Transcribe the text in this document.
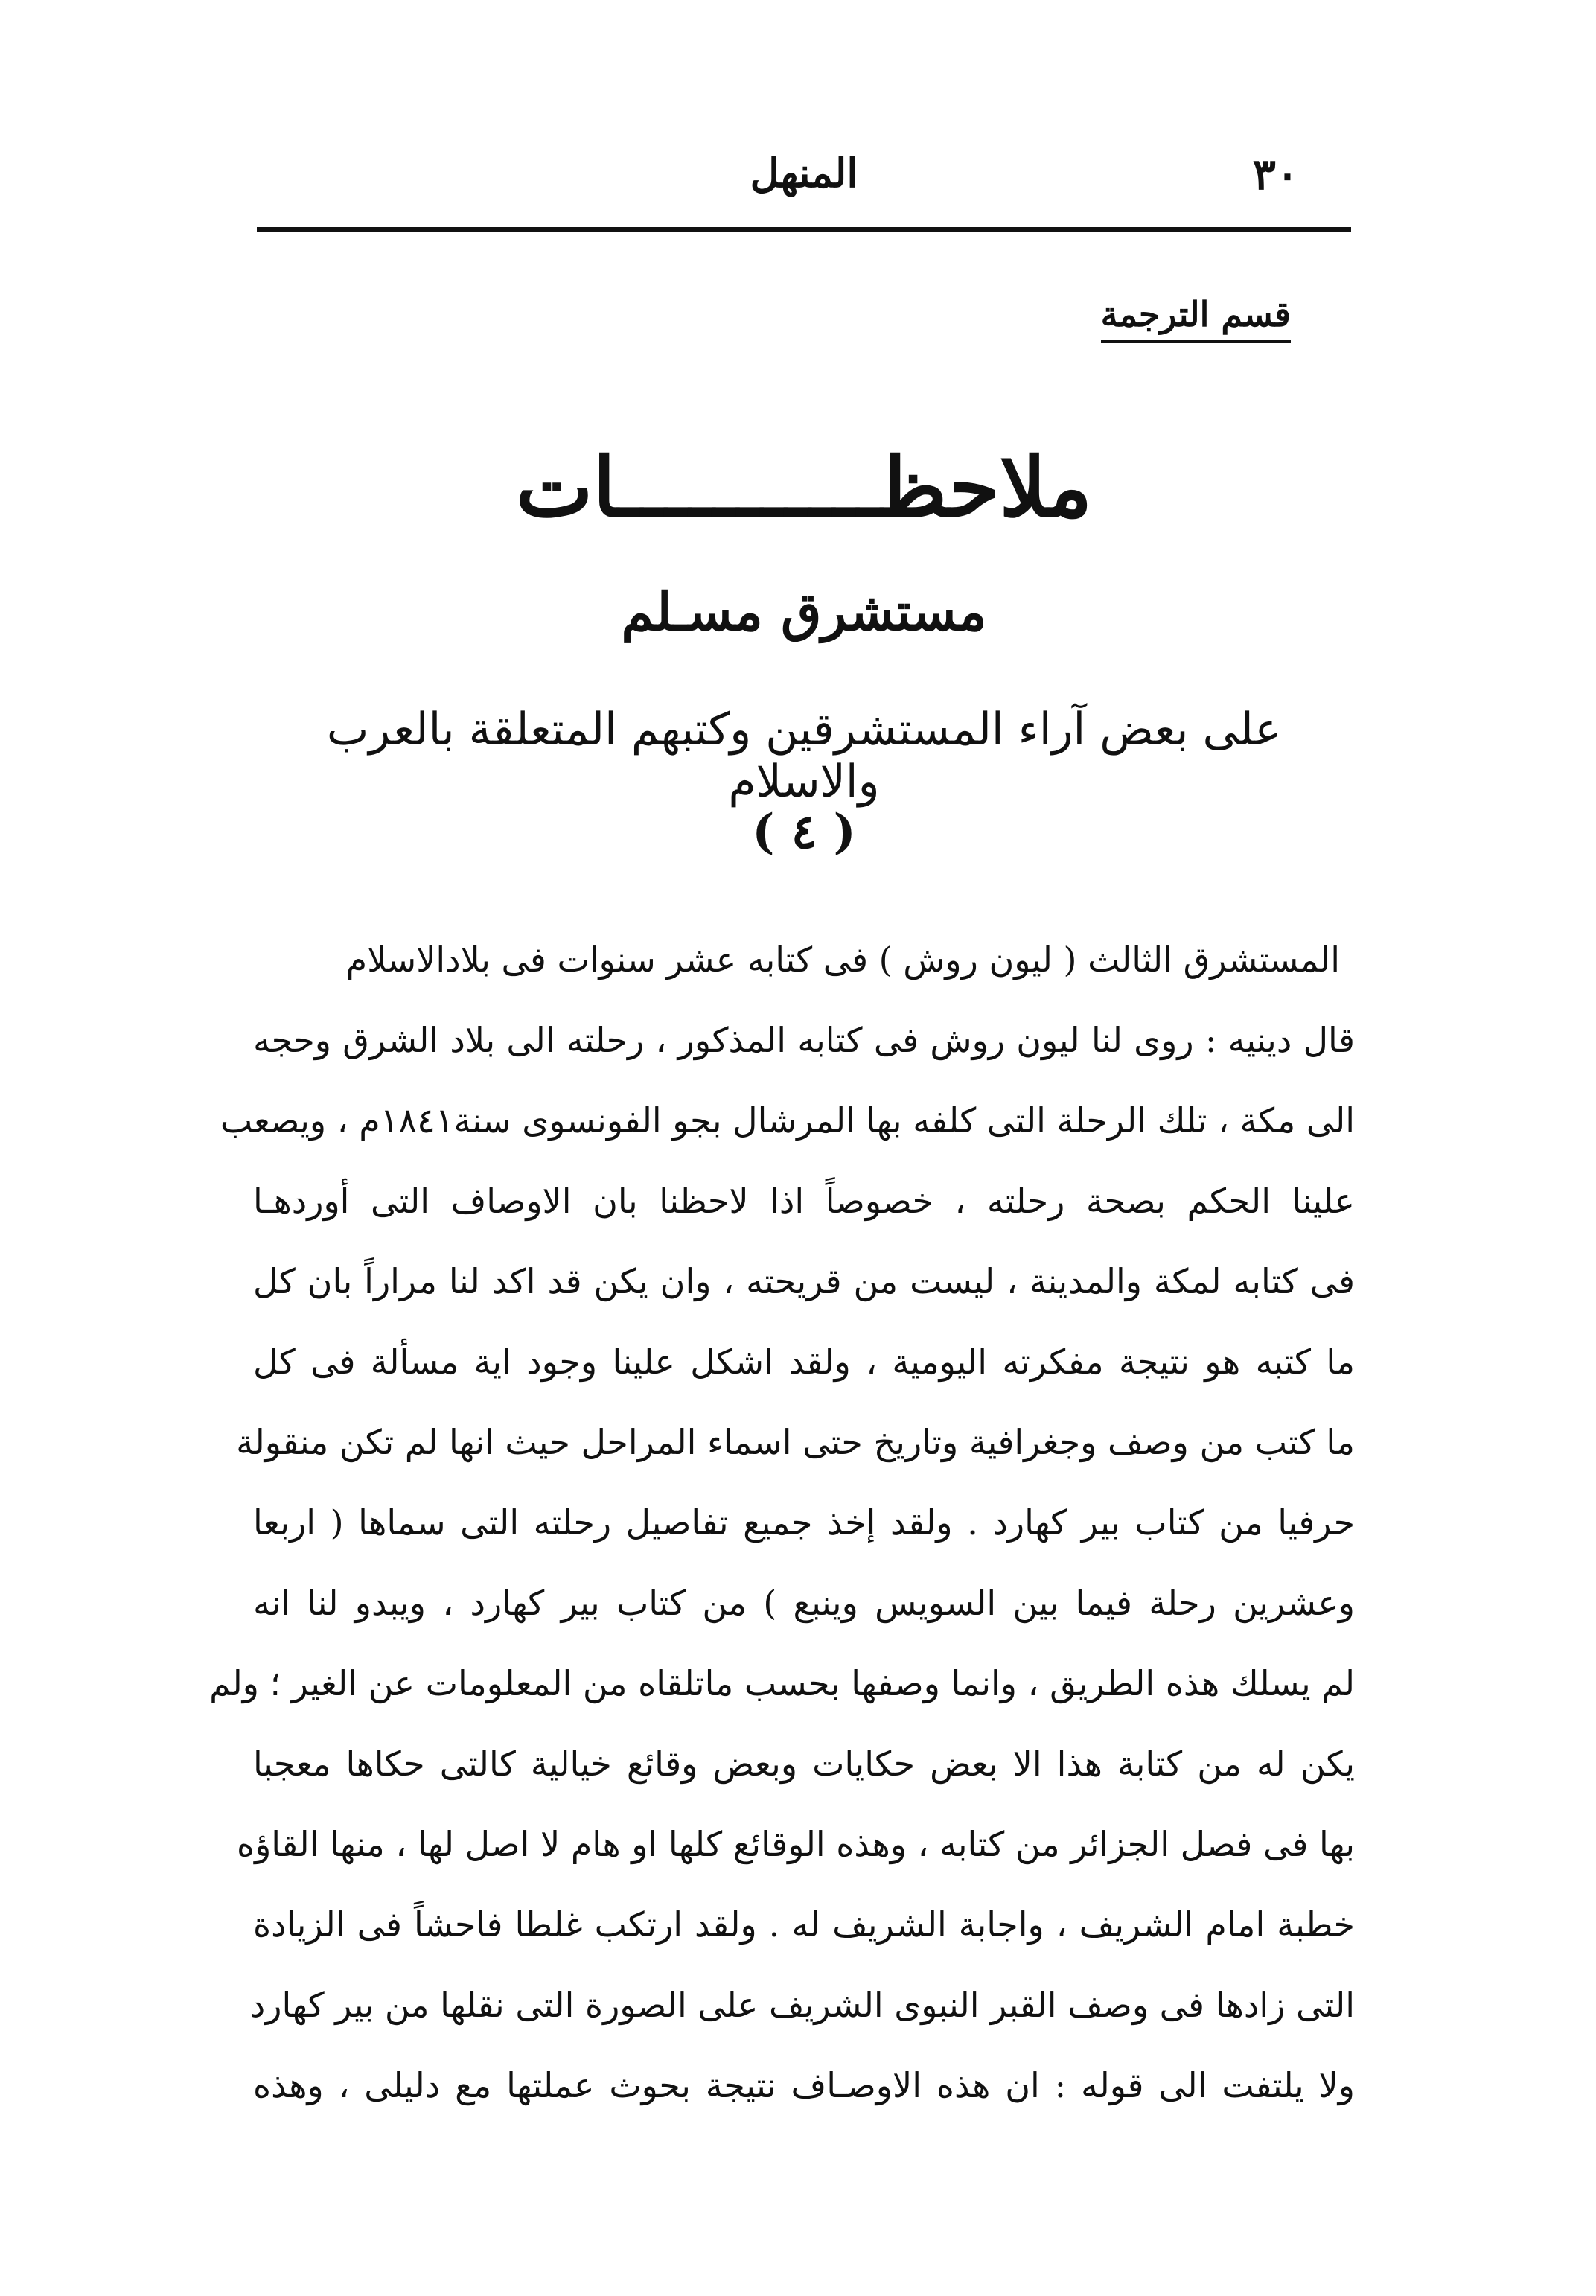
٣٠
المنهل
قسم الترجمة
ملاحظـــــــــــات
مستشرق مسـلم
على بعض آراء المستشرقين وكتبهم المتعلقة بالعرب والاسلام
( ٤ )
المستشرق الثالث ( ليون روش ) فى كتابه عشر سنوات فى بلادالاسلام
قال دينيه : روى لنا ليون روش فى كتابه المذكور ، رحلته الى بلاد الشرق وحجه
الى مكة ، تلك الرحلة التى كلفه بها المرشال بجو الفونسوى سنة١٨٤١م ، ويصعب
علينا الحكم بصحة رحلته ، خصوصاً اذا لاحظنا بان الاوصاف التى أوردهـا
فى كتابه لمكة والمدينة ، ليست من قريحته ، وان يكن قد اكد لنا مراراً بان كل
ما كتبه هو نتيجة مفكرته اليومية ، ولقد اشكل علينا وجود اية مسألة فى كل
ما كتب من وصف وجغرافية وتاريخ حتى اسماء المراحل حيث انها لم تكن منقولة
حرفيا من كتاب بير كهارد . ولقد إخذ جميع تفاصيل رحلته التى سماها ( اربعا
وعشرين رحلة فيما بين السويس وينبع ) من كتاب بير كهارد ، ويبدو لنا انه
لم يسلك هذه الطريق ، وانما وصفها بحسب ماتلقاه من المعلومات عن الغير ؛ ولم
يكن له من كتابة هذا الا بعض حكايات وبعض وقائع خيالية كالتى حكاها معجبا
بها فى فصل الجزائر من كتابه ، وهذه الوقائع كلها او هام لا اصل لها ، منها القاؤه
خطبة امام الشريف ، واجابة الشريف له . ولقد ارتكب غلطا فاحشاً فى الزيادة
التى زادها فى وصف القبر النبوى الشريف على الصورة التى نقلها من بير كهارد
ولا يلتفت الى قوله : ان هذه الاوصـاف نتيجة بحوث عملتها مع دليلى ، وهذه
